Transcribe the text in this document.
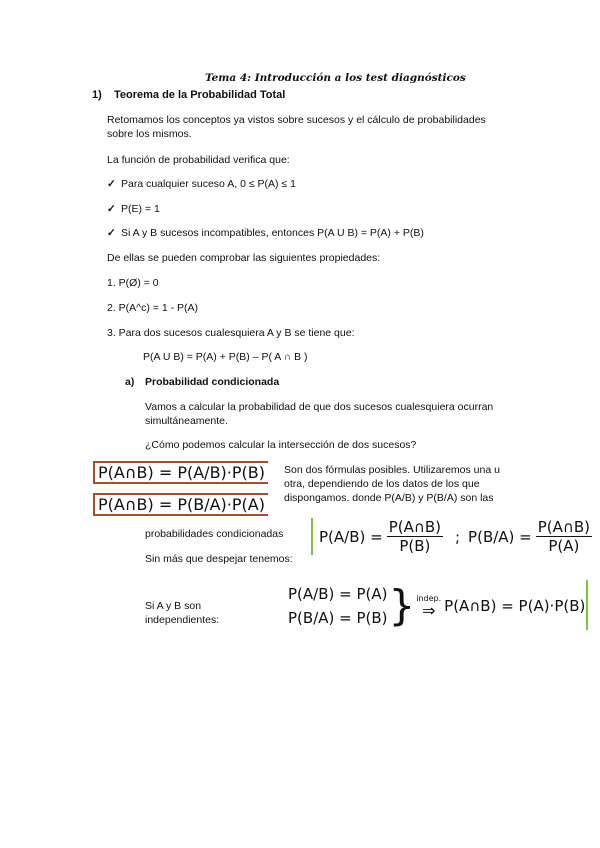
Tema 4: Introducción a los test diagnósticos
1) Teorema de la Probabilidad Total
Retomamos los conceptos ya vistos sobre sucesos y el cálculo de probabilidades
sobre los mismos.
La función de probabilidad verifica que:
✓ Para cualquier suceso A, 0 ≤ P(A) ≤ 1
✓ P(E) = 1
✓ Si A y B sucesos incompatibles, entonces P(A U B) = P(A) + P(B)
De ellas se pueden comprobar las siguientes propiedades:
1. P(Ø) = 0
2. P(A^c) = 1 - P(A)
3. Para dos sucesos cualesquiera A y B se tiene que:
P(A U B) = P(A) + P(B) – P( A ∩ B )
a) Probabilidad condicionada
Vamos a calcular la probabilidad de que dos sucesos cualesquiera ocurran
simultáneamente.
¿Cómo podemos calcular la intersección de dos sucesos?
P(A∩B) = P(A/B)·P(B)
P(A∩B) = P(B/A)·P(A)
Son dos fórmulas posibles. Utilizaremos una u
otra, dependiendo de los datos de los que
dispongamos. donde P(A/B) y P(B/A) son las
probabilidades condicionadas
Sin más que despejar tenemos:
$P(A/B) = \frac{P(A\cap B)}{P(B)}$ ; $P(B/A) = \frac{P(A\cap B)}{P(A)}$
Si A y B son
independientes:
P(A/B) = P(A)
P(B/A) = P(B) } indep.
⇒ P(A∩B) = P(A)·P(B)
